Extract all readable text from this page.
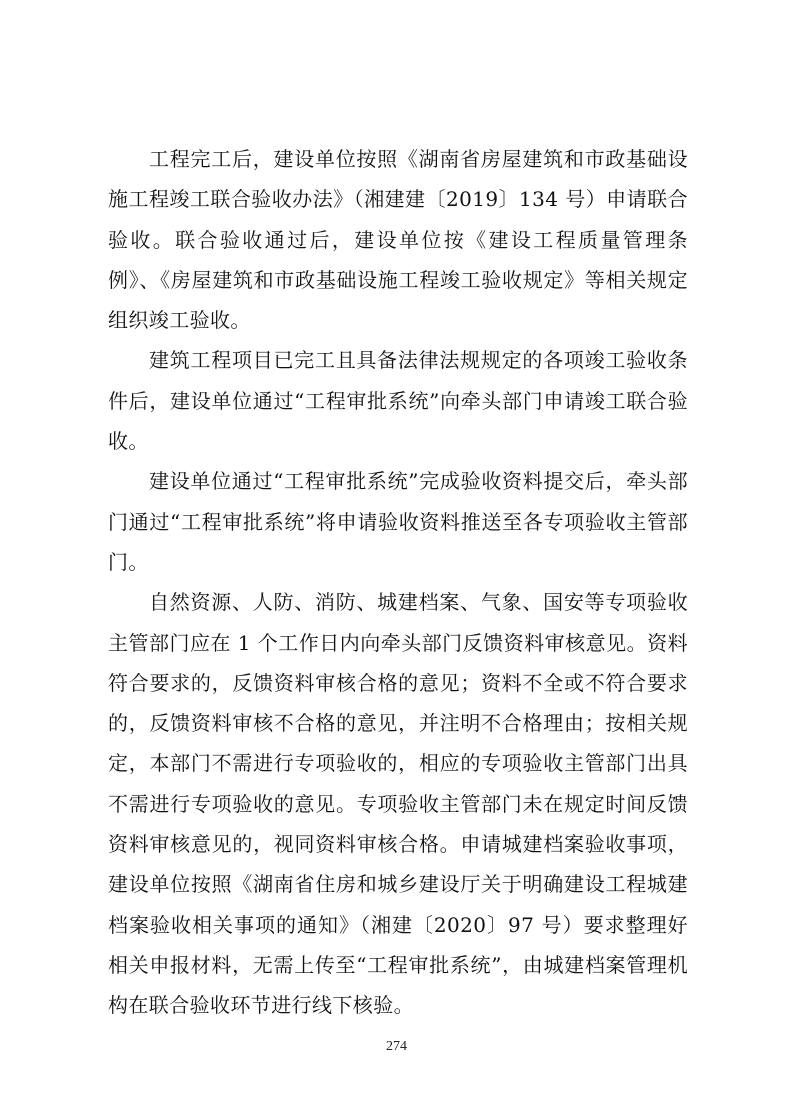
工程完工后，建设单位按照《湖南省房屋建筑和市政基础设施工程竣工联合验收办法》（湘建建〔2019〕134 号）申请联合验收。联合验收通过后，建设单位按《建设工程质量管理条例》、《房屋建筑和市政基础设施工程竣工验收规定》等相关规定组织竣工验收。

建筑工程项目已完工且具备法律法规规定的各项竣工验收条件后，建设单位通过“工程审批系统”向牵头部门申请竣工联合验收。

建设单位通过“工程审批系统”完成验收资料提交后，牵头部门通过“工程审批系统”将申请验收资料推送至各专项验收主管部门。

自然资源、人防、消防、城建档案、气象、国安等专项验收主管部门应在 1 个工作日内向牵头部门反馈资料审核意见。资料符合要求的，反馈资料审核合格的意见；资料不全或不符合要求的，反馈资料审核不合格的意见，并注明不合格理由；按相关规定，本部门不需进行专项验收的，相应的专项验收主管部门出具不需进行专项验收的意见。专项验收主管部门未在规定时间反馈资料审核意见的，视同资料审核合格。申请城建档案验收事项，建设单位按照《湖南省住房和城乡建设厅关于明确建设工程城建档案验收相关事项的通知》（湘建〔2020〕97 号）要求整理好相关申报材料，无需上传至“工程审批系统”，由城建档案管理机构在联合验收环节进行线下核验。

274
